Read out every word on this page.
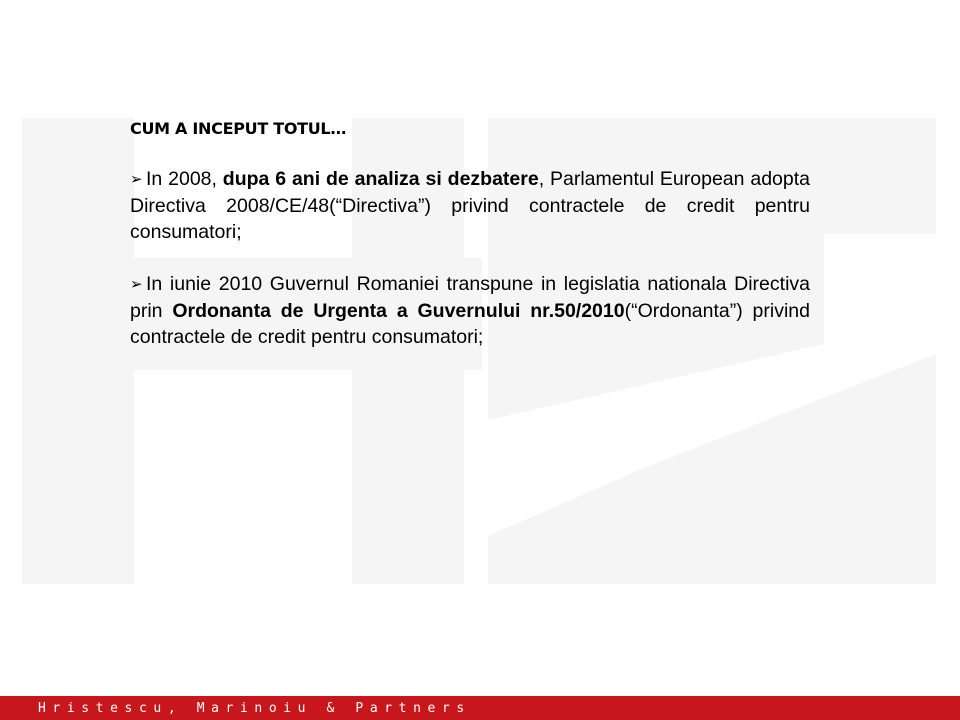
CUM A INCEPUT TOTUL…

➢ In 2008, dupa 6 ani de analiza si dezbatere, Parlamentul European adopta Directiva 2008/CE/48(“Directiva”) privind contractele de credit pentru consumatori;

➢ In iunie 2010 Guvernul Romaniei transpune in legislatia nationala Directiva prin Ordonanta de Urgenta a Guvernului nr.50/2010(“Ordonanta”) privind contractele de credit pentru consumatori;

Hristescu, Marinoiu & Partners
